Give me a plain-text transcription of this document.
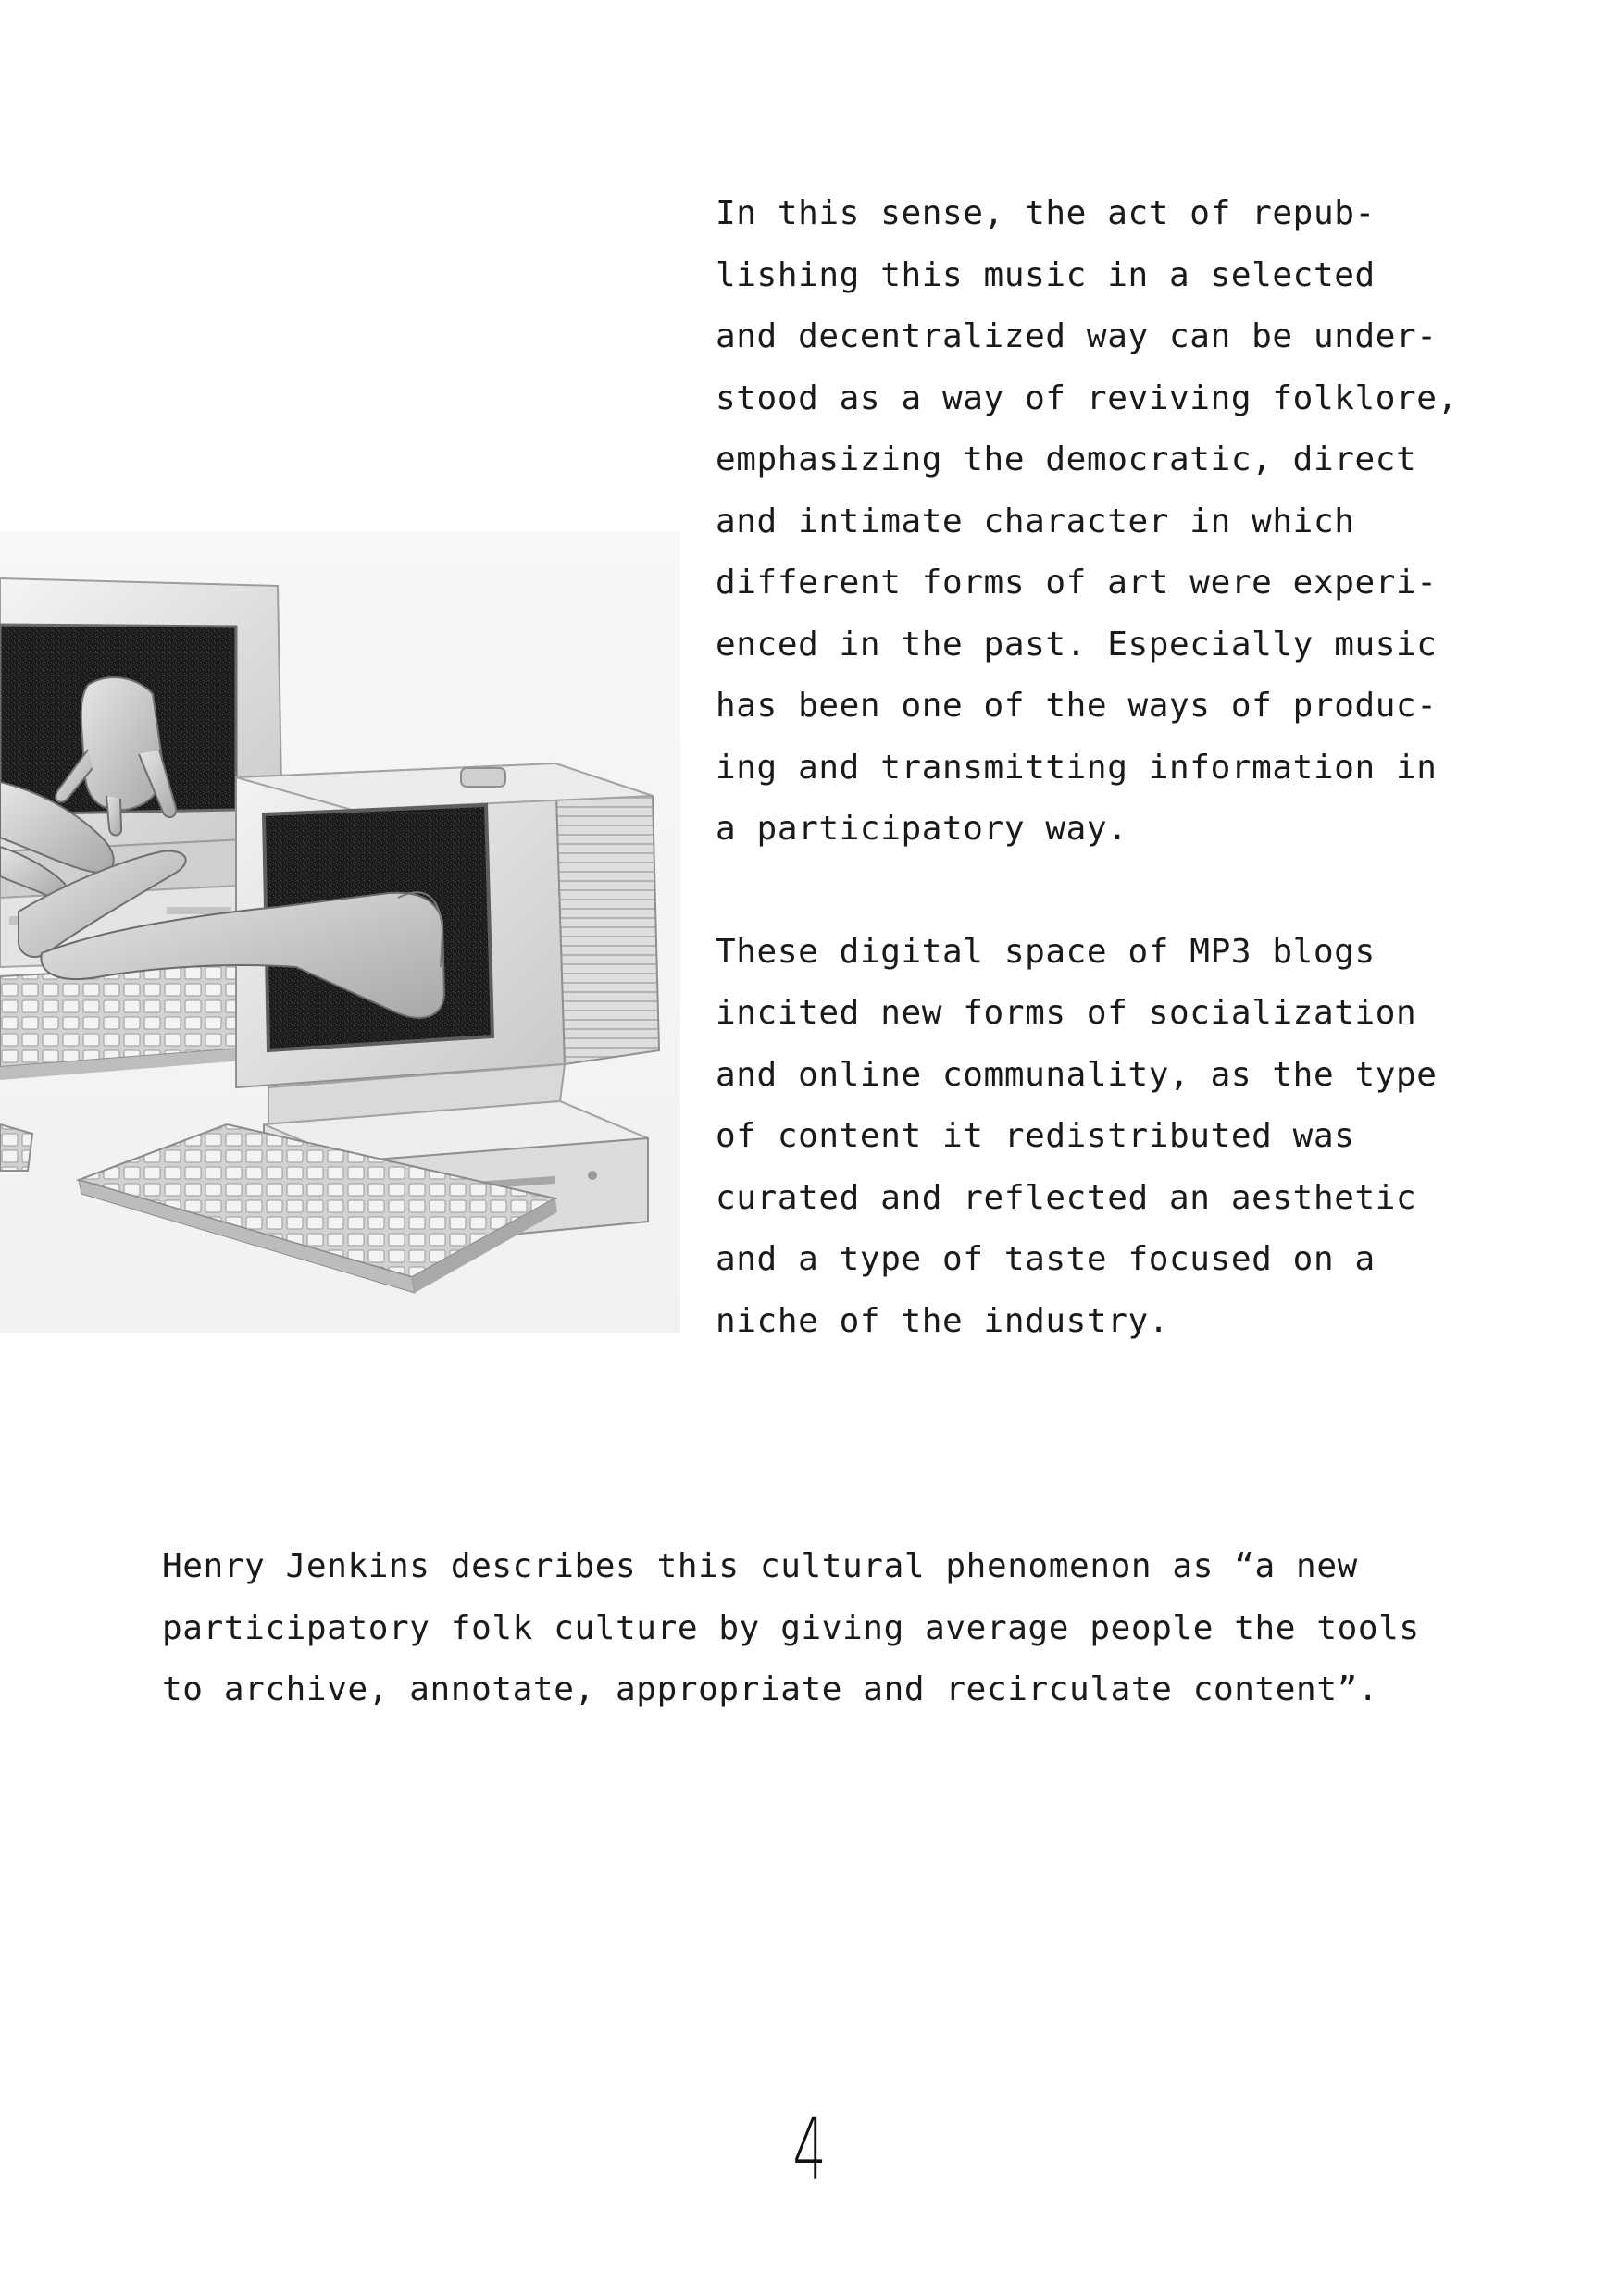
In this sense, the act of repub-
lishing this music in a selected
and decentralized way can be under-
stood as a way of reviving folklore,
emphasizing the democratic, direct
and intimate character in which
different forms of art were experi-
enced in the past. Especially music
has been one of the ways of produc-
ing and transmitting information in
a participatory way.

These digital space of MP3 blogs
incited new forms of socialization
and online communality, as the type
of content it redistributed was
curated and reflected an aesthetic
and a type of taste focused on a
niche of the industry.

Henry Jenkins describes this cultural phenomenon as “a new
participatory folk culture by giving average people the tools
to archive, annotate, appropriate and recirculate content”.

4
